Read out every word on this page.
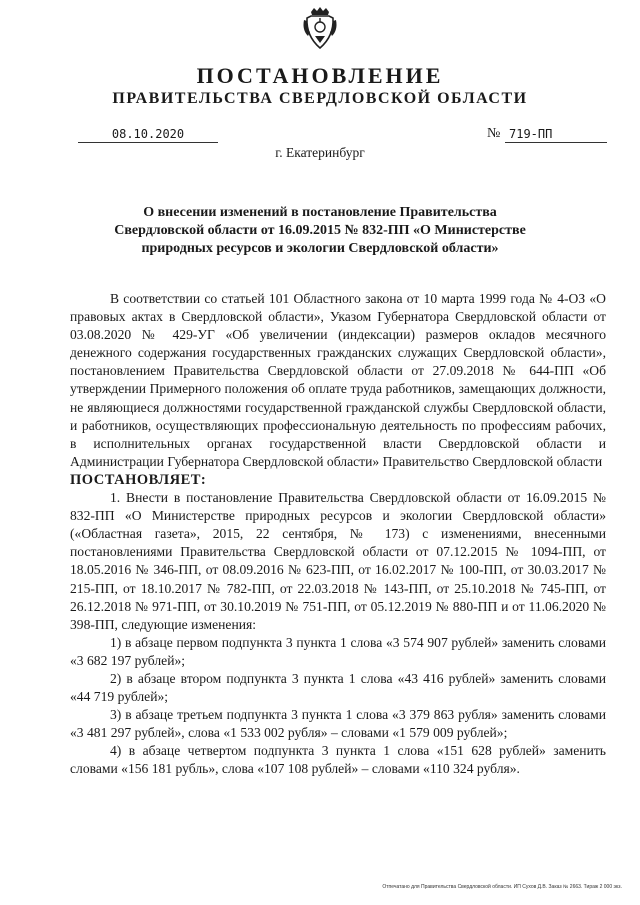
ПОСТАНОВЛЕНИЕ
ПРАВИТЕЛЬСТВА СВЕРДЛОВСКОЙ ОБЛАСТИ
08.10.2020	№ 719-ПП
г. Екатеринбург
О внесении изменений в постановление Правительства
Свердловской области от 16.09.2015 № 832-ПП «О Министерстве
природных ресурсов и экологии Свердловской области»

В соответствии со статьей 101 Областного закона от 10 марта 1999 года № 4-ОЗ «О правовых актах в Свердловской области», Указом Губернатора Свердловской области от 03.08.2020 № 429-УГ «Об увеличении (индексации) размеров окладов месячного денежного содержания государственных гражданских служащих Свердловской области», постановлением Правительства Свердловской области от 27.09.2018 № 644-ПП «Об утверждении Примерного положения об оплате труда работников, замещающих должности, не являющиеся должностями государственной гражданской службы Свердловской области, и работников, осуществляющих профессиональную деятельность по профессиям рабочих, в исполнительных органах государственной власти Свердловской области и Администрации Губернатора Свердловской области» Правительство Свердловской области

ПОСТАНОВЛЯЕТ:

1. Внести в постановление Правительства Свердловской области от 16.09.2015 № 832-ПП «О Министерстве природных ресурсов и экологии Свердловской области» («Областная газета», 2015, 22 сентября, № 173) с изменениями, внесенными постановлениями Правительства Свердловской области от 07.12.2015 № 1094-ПП, от 18.05.2016 № 346-ПП, от 08.09.2016 № 623-ПП, от 16.02.2017 № 100-ПП, от 30.03.2017 № 215-ПП, от 18.10.2017 № 782-ПП, от 22.03.2018 № 143-ПП, от 25.10.2018 № 745-ПП, от 26.12.2018 № 971-ПП, от 30.10.2019 № 751-ПП, от 05.12.2019 № 880-ПП и от 11.06.2020 № 398-ПП, следующие изменения:

1) в абзаце первом подпункта 3 пункта 1 слова «3 574 907 рублей» заменить словами «3 682 197 рублей»;

2) в абзаце втором подпункта 3 пункта 1 слова «43 416 рублей» заменить словами «44 719 рублей»;

3) в абзаце третьем подпункта 3 пункта 1 слова «3 379 863 рубля» заменить словами «3 481 297 рублей», слова «1 533 002 рубля» – словами «1 579 009 рублей»;

4) в абзаце четвертом подпункта 3 пункта 1 слова «151 628 рублей» заменить словами «156 181 рубль», слова «107 108 рублей» – словами «110 324 рубля».

Отпечатано для Правительства Свердловской области. ИП Сухов Д.В. Заказ № 2663. Тираж 2 000 экз.
